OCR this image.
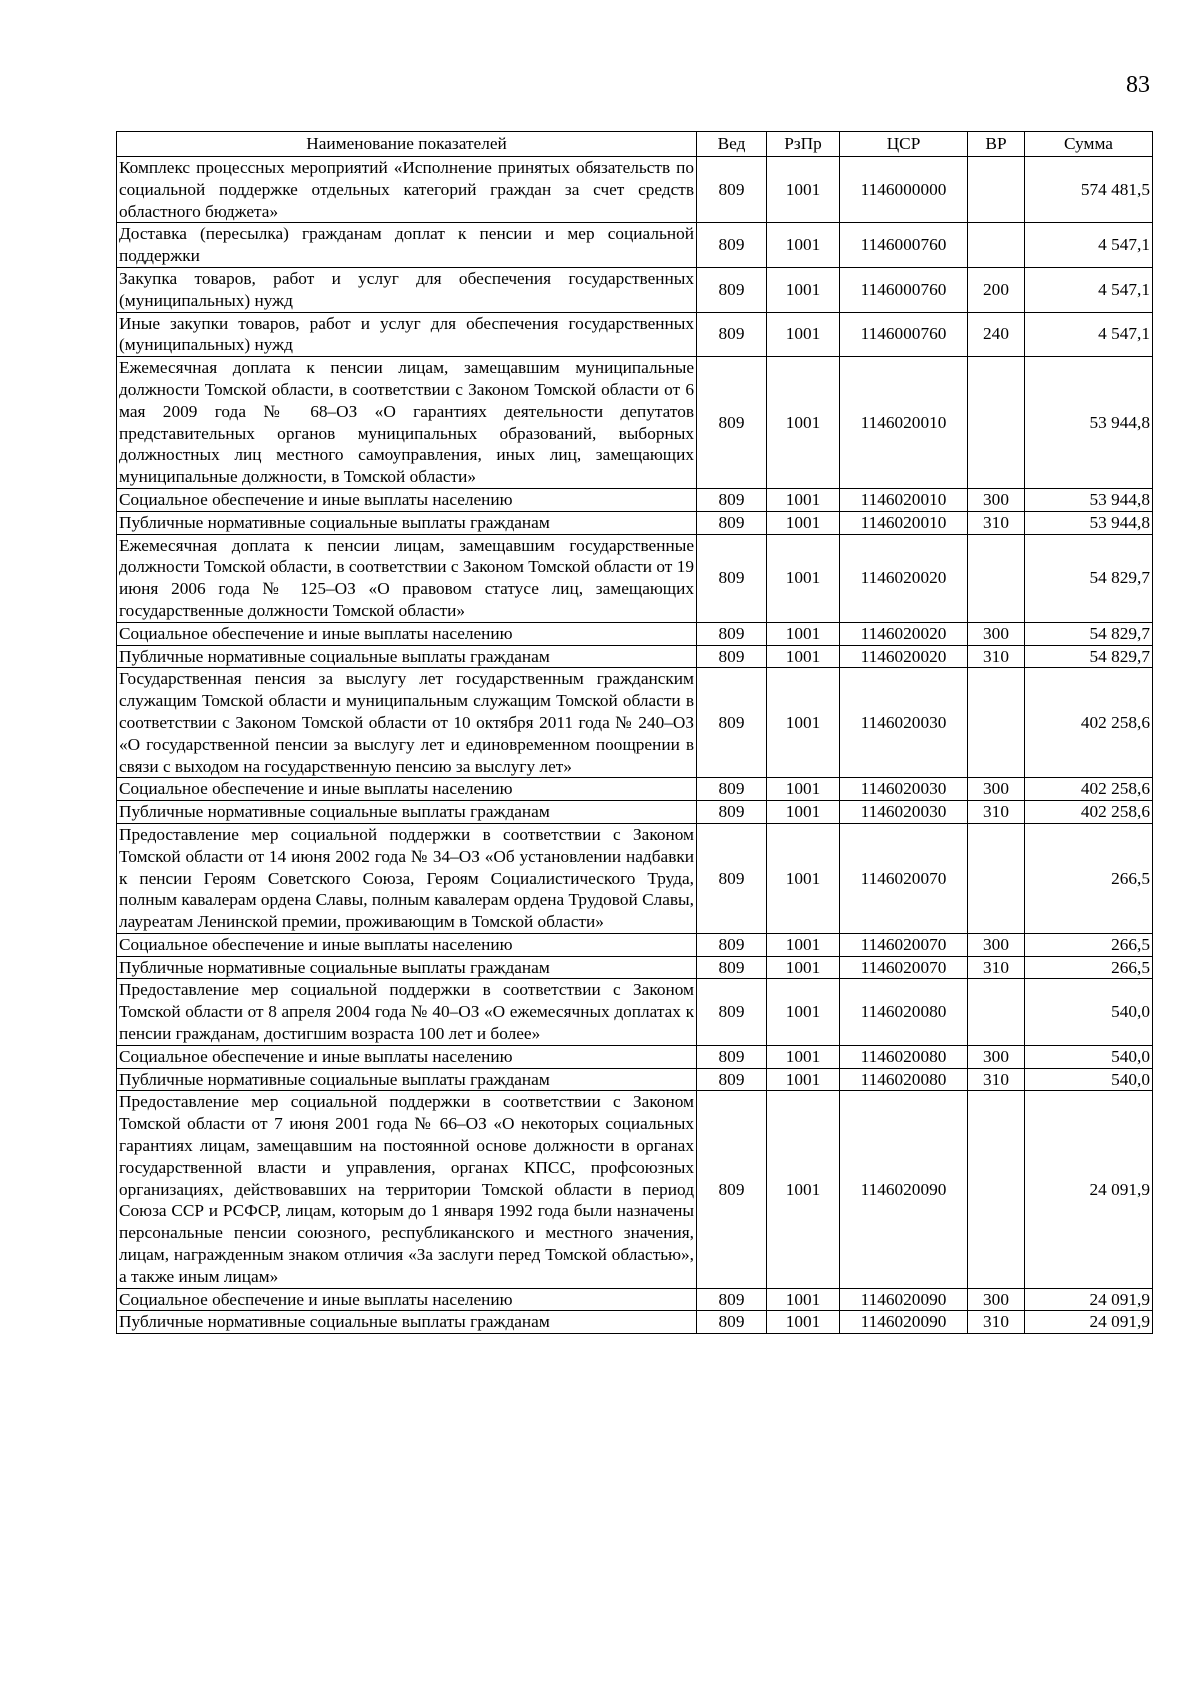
83
Наименование показателей	Вед	РзПр	ЦСР	ВР	Сумма
Комплекс процессных мероприятий «Исполнение принятых обязательств по социальной поддержке отдельных категорий граждан за счет средств областного бюджета»	809	1001	1146000000		574 481,5
Доставка (пересылка) гражданам доплат к пенсии и мер социальной поддержки	809	1001	1146000760		4 547,1
Закупка товаров, работ и услуг для обеспечения государственных (муниципальных) нужд	809	1001	1146000760	200	4 547,1
Иные закупки товаров, работ и услуг для обеспечения государственных (муниципальных) нужд	809	1001	1146000760	240	4 547,1
Ежемесячная доплата к пенсии лицам, замещавшим муниципальные должности Томской области, в соответствии с Законом Томской области от 6 мая 2009 года № 68–ОЗ «О гарантиях деятельности депутатов представительных органов муниципальных образований, выборных должностных лиц местного самоуправления, иных лиц, замещающих муниципальные должности, в Томской области»	809	1001	1146020010		53 944,8
Социальное обеспечение и иные выплаты населению	809	1001	1146020010	300	53 944,8
Публичные нормативные социальные выплаты гражданам	809	1001	1146020010	310	53 944,8
Ежемесячная доплата к пенсии лицам, замещавшим государственные должности Томской области, в соответствии с Законом Томской области от 19 июня 2006 года № 125–ОЗ «О правовом статусе лиц, замещающих государственные должности Томской области»	809	1001	1146020020		54 829,7
Социальное обеспечение и иные выплаты населению	809	1001	1146020020	300	54 829,7
Публичные нормативные социальные выплаты гражданам	809	1001	1146020020	310	54 829,7
Государственная пенсия за выслугу лет государственным гражданским служащим Томской области и муниципальным служащим Томской области в соответствии с Законом Томской области от 10 октября 2011 года № 240–ОЗ «О государственной пенсии за выслугу лет и единовременном поощрении в связи с выходом на государственную пенсию за выслугу лет»	809	1001	1146020030		402 258,6
Социальное обеспечение и иные выплаты населению	809	1001	1146020030	300	402 258,6
Публичные нормативные социальные выплаты гражданам	809	1001	1146020030	310	402 258,6
Предоставление мер социальной поддержки в соответствии с Законом Томской области от 14 июня 2002 года № 34–ОЗ «Об установлении надбавки к пенсии Героям Советского Союза, Героям Социалистического Труда, полным кавалерам ордена Славы, полным кавалерам ордена Трудовой Славы, лауреатам Ленинской премии, проживающим в Томской области»	809	1001	1146020070		266,5
Социальное обеспечение и иные выплаты населению	809	1001	1146020070	300	266,5
Публичные нормативные социальные выплаты гражданам	809	1001	1146020070	310	266,5
Предоставление мер социальной поддержки в соответствии с Законом Томской области от 8 апреля 2004 года № 40–ОЗ «О ежемесячных доплатах к пенсии гражданам, достигшим возраста 100 лет и более»	809	1001	1146020080		540,0
Социальное обеспечение и иные выплаты населению	809	1001	1146020080	300	540,0
Публичные нормативные социальные выплаты гражданам	809	1001	1146020080	310	540,0
Предоставление мер социальной поддержки в соответствии с Законом Томской области от 7 июня 2001 года № 66–ОЗ «О некоторых социальных гарантиях лицам, замещавшим на постоянной основе должности в органах государственной власти и управления, органах КПСС, профсоюзных организациях, действовавших на территории Томской области в период Союза ССР и РСФСР, лицам, которым до 1 января 1992 года были назначены персональные пенсии союзного, республиканского и местного значения, лицам, награжденным знаком отличия «За заслуги перед Томской областью», а также иным лицам»	809	1001	1146020090		24 091,9
Социальное обеспечение и иные выплаты населению	809	1001	1146020090	300	24 091,9
Публичные нормативные социальные выплаты гражданам	809	1001	1146020090	310	24 091,9
